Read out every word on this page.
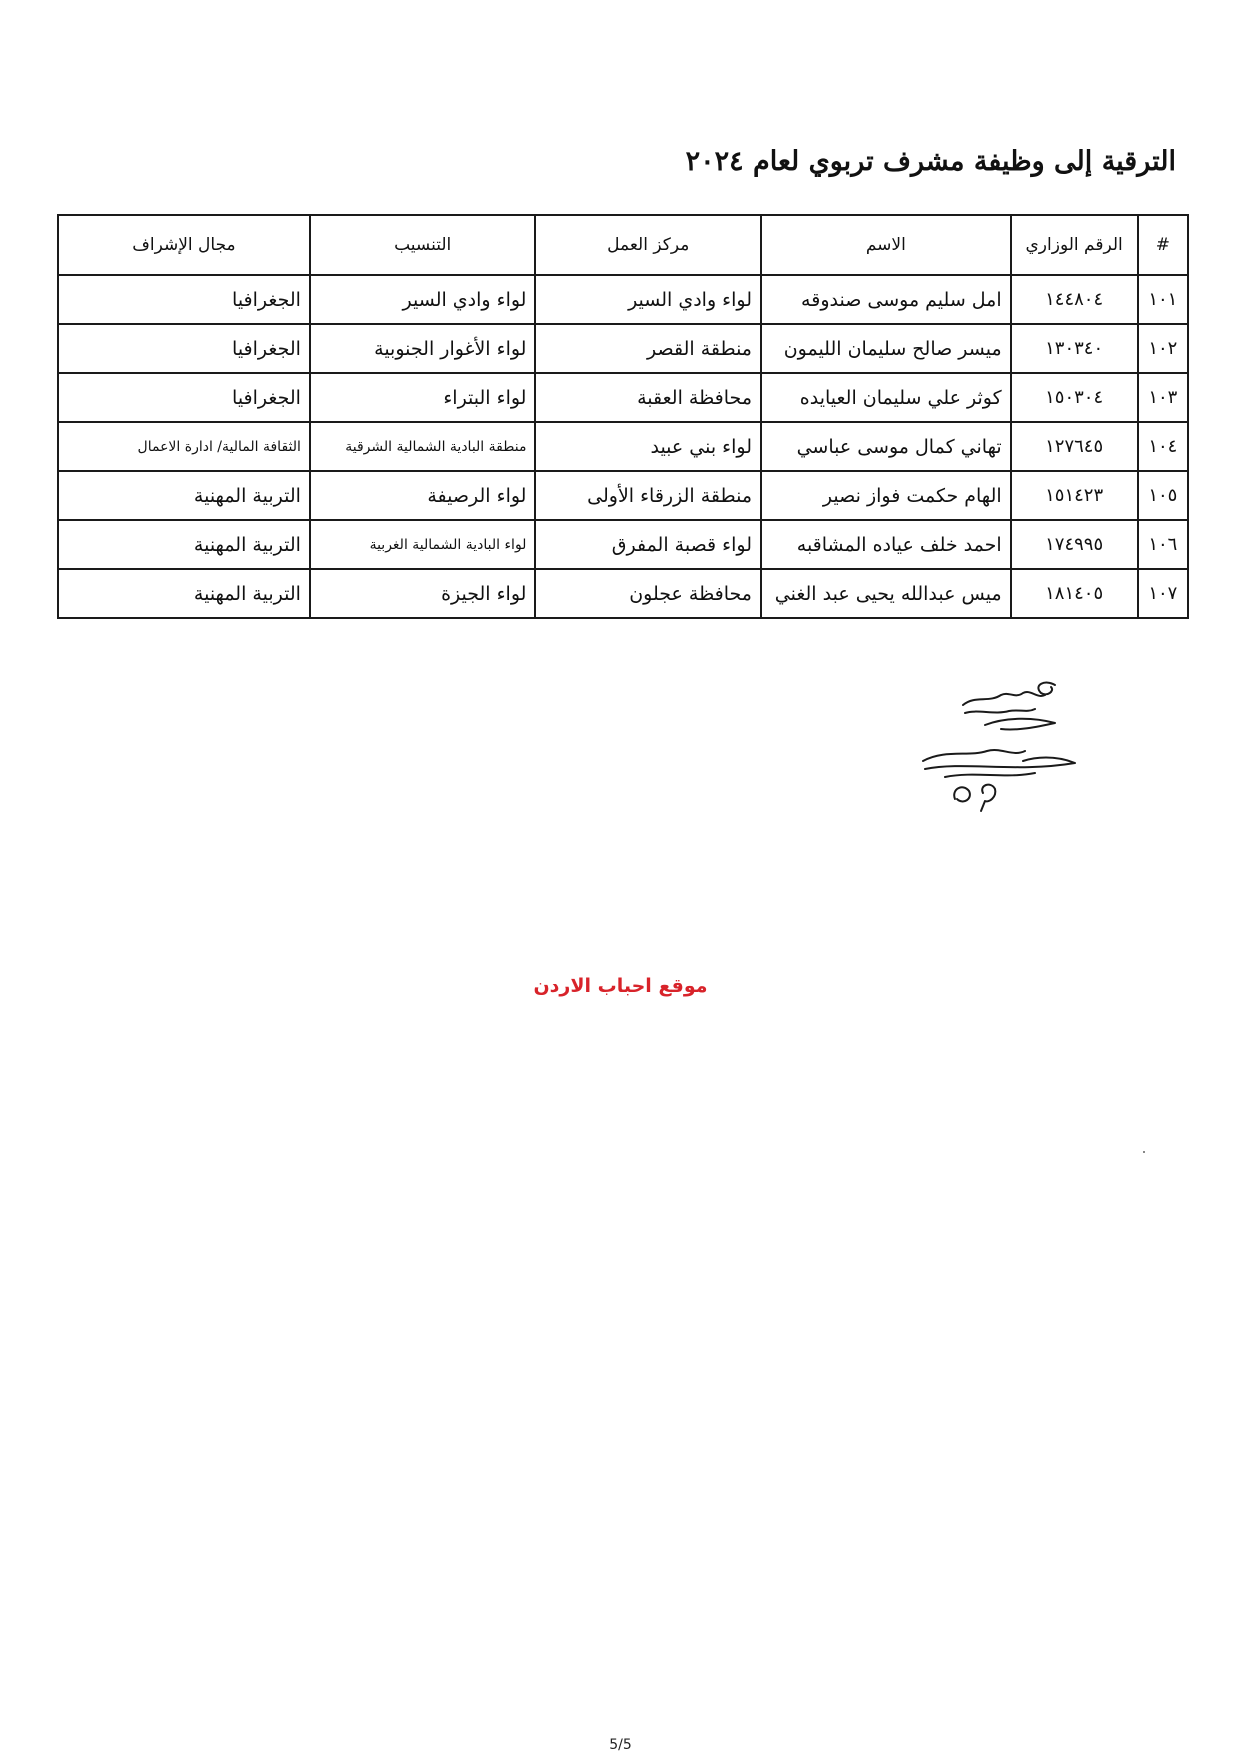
الترقية إلى وظيفة مشرف تربوي لعام ٢٠٢٤
#	الرقم الوزاري	الاسم	مركز العمل	التنسيب	مجال الإشراف
١٠١	١٤٤٨٠٤	امل سليم موسى صندوقه	لواء وادي السير	لواء وادي السير	الجغرافيا
١٠٢	١٣٠٣٤٠	ميسر صالح سليمان الليمون	منطقة القصر	لواء الأغوار الجنوبية	الجغرافيا
١٠٣	١٥٠٣٠٤	كوثر علي سليمان العيايده	محافظة العقبة	لواء البتراء	الجغرافيا
١٠٤	١٢٧٦٤٥	تهاني كمال موسى عباسي	لواء بني عبيد	منطقة البادية الشمالية الشرقية	الثقافة المالية/ ادارة الاعمال
١٠٥	١٥١٤٢٣	الهام حكمت فواز نصير	منطقة الزرقاء الأولى	لواء الرصيفة	التربية المهنية
١٠٦	١٧٤٩٩٥	احمد خلف عياده المشاقبه	لواء قصبة المفرق	لواء البادية الشمالية الغربية	التربية المهنية
١٠٧	١٨١٤٠٥	ميس عبدالله يحيى عبد الغني	محافظة عجلون	لواء الجيزة	التربية المهنية
موقع احباب الاردن
5/5
